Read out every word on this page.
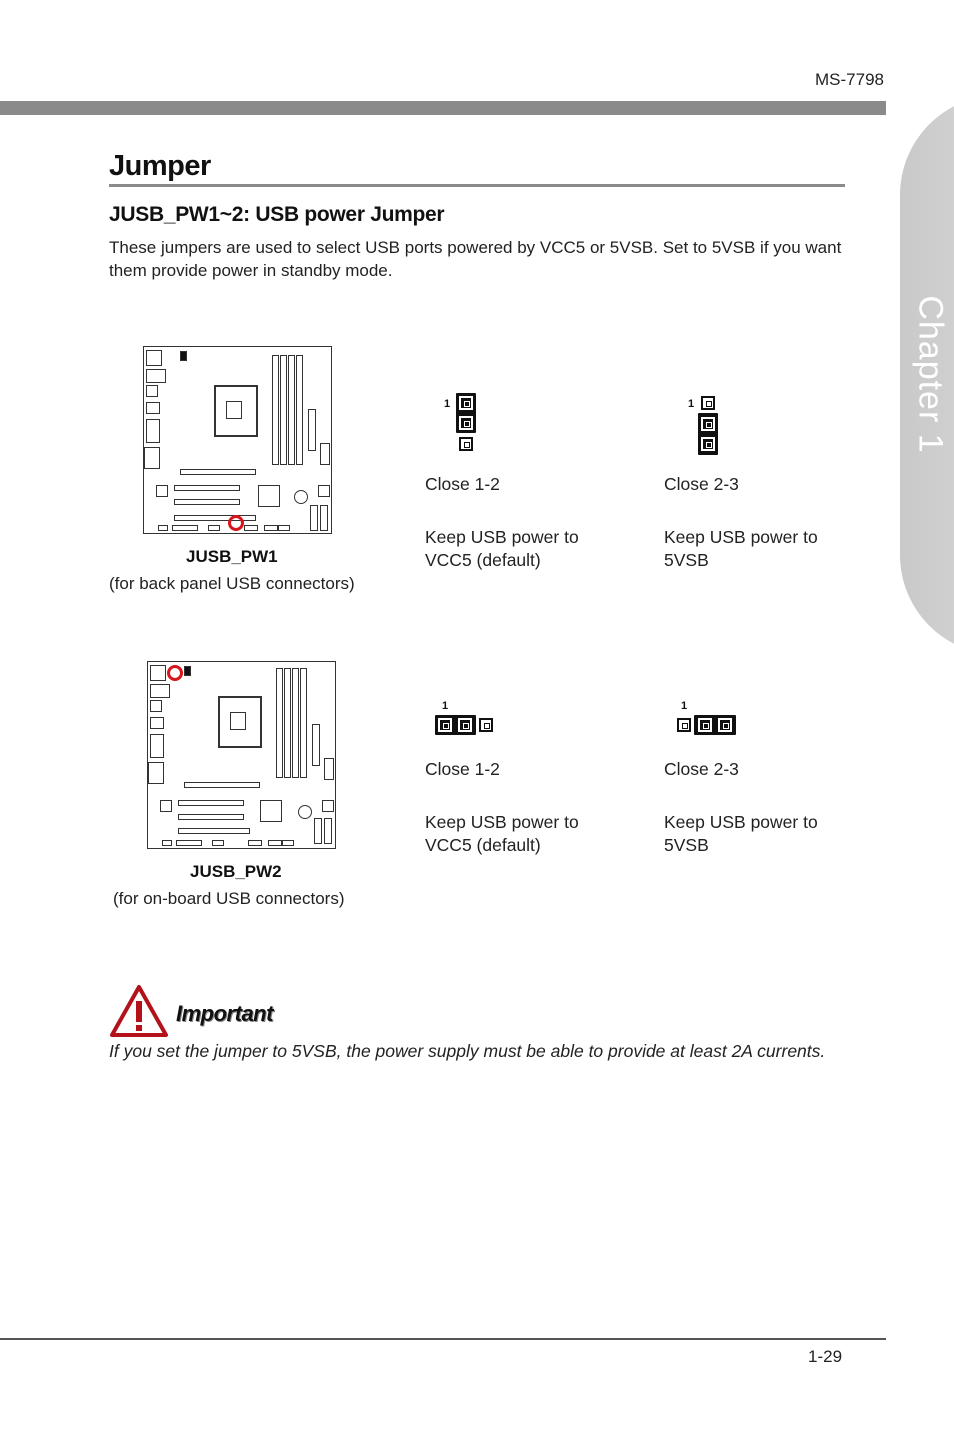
MS-7798
Chapter 1
Jumper
JUSB_PW1~2: USB power Jumper
These jumpers are used to select USB ports powered by VCC5 or 5VSB. Set to 5VSB if you want them provide power in standby mode.
JUSB_PW1
(for back panel USB connectors)
1
Close 1-2
Keep USB power to VCC5 (default)
1
Close 2-3
Keep USB power to 5VSB
JUSB_PW2
(for on-board USB connectors)
1
Close 1-2
Keep USB power to VCC5 (default)
1
Close 2-3
Keep USB power to 5VSB
Important
If you set the jumper to 5VSB, the power supply must be able to provide at least 2A currents.
1-29
